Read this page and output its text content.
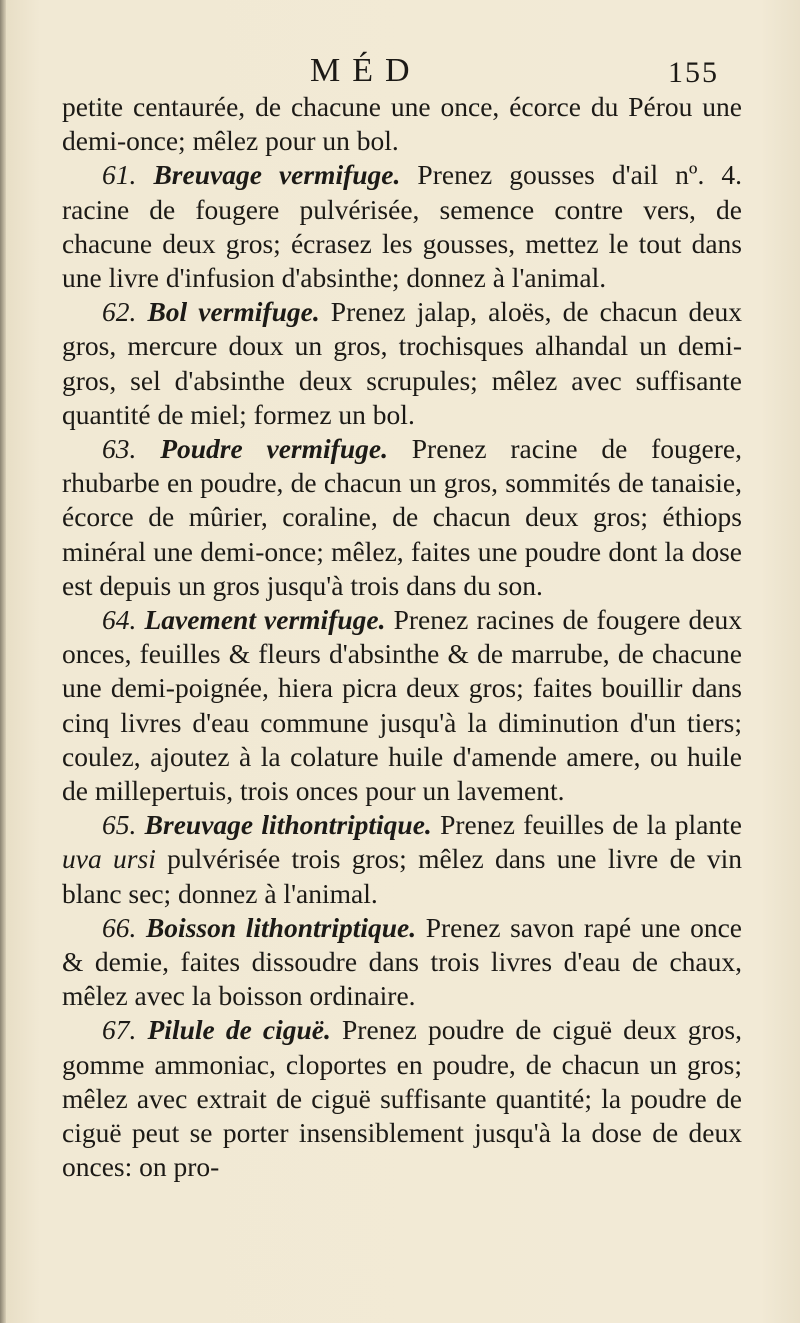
MÉD	155

petite centaurée, de chacune une once, écorce du Pérou une demi-once; mêlez pour un bol.

61. Breuvage vermifuge. Prenez gousses d'ail nº. 4. racine de fougere pulvérisée, semence contre vers, de chacune deux gros; écrasez les gousses, mettez le tout dans une livre d'infusion d'absinthe; donnez à l'animal.

62. Bol vermifuge. Prenez jalap, aloës, de chacun deux gros, mercure doux un gros, trochisques alhandal un demi-gros, sel d'absinthe deux scrupules; mêlez avec suffisante quantité de miel; formez un bol.

63. Poudre vermifuge. Prenez racine de fougere, rhubarbe en poudre, de chacun un gros, sommités de tanaisie, écorce de mûrier, coraline, de chacun deux gros; éthiops minéral une demi-once; mêlez, faites une poudre dont la dose est depuis un gros jusqu'à trois dans du son.

64. Lavement vermifuge. Prenez racines de fougere deux onces, feuilles & fleurs d'absinthe & de marrube, de chacune une demi-poignée, hiera picra deux gros; faites bouillir dans cinq livres d'eau commune jusqu'à la diminution d'un tiers; coulez, ajoutez à la colature huile d'amende amere, ou huile de millepertuis, trois onces pour un lavement.

65. Breuvage lithontriptique. Prenez feuilles de la plante uva ursi pulvérisée trois gros; mêlez dans une livre de vin blanc sec; donnez à l'animal.

66. Boisson lithontriptique. Prenez savon rapé une once & demie, faites dissoudre dans trois livres d'eau de chaux, mêlez avec la boisson ordinaire.

67. Pilule de ciguë. Prenez poudre de ciguë deux gros, gomme ammoniac, cloportes en poudre, de chacun un gros; mêlez avec extrait de ciguë suffisante quantité; la poudre de ciguë peut se porter insensiblement jusqu'à la dose de deux onces: on pro-
